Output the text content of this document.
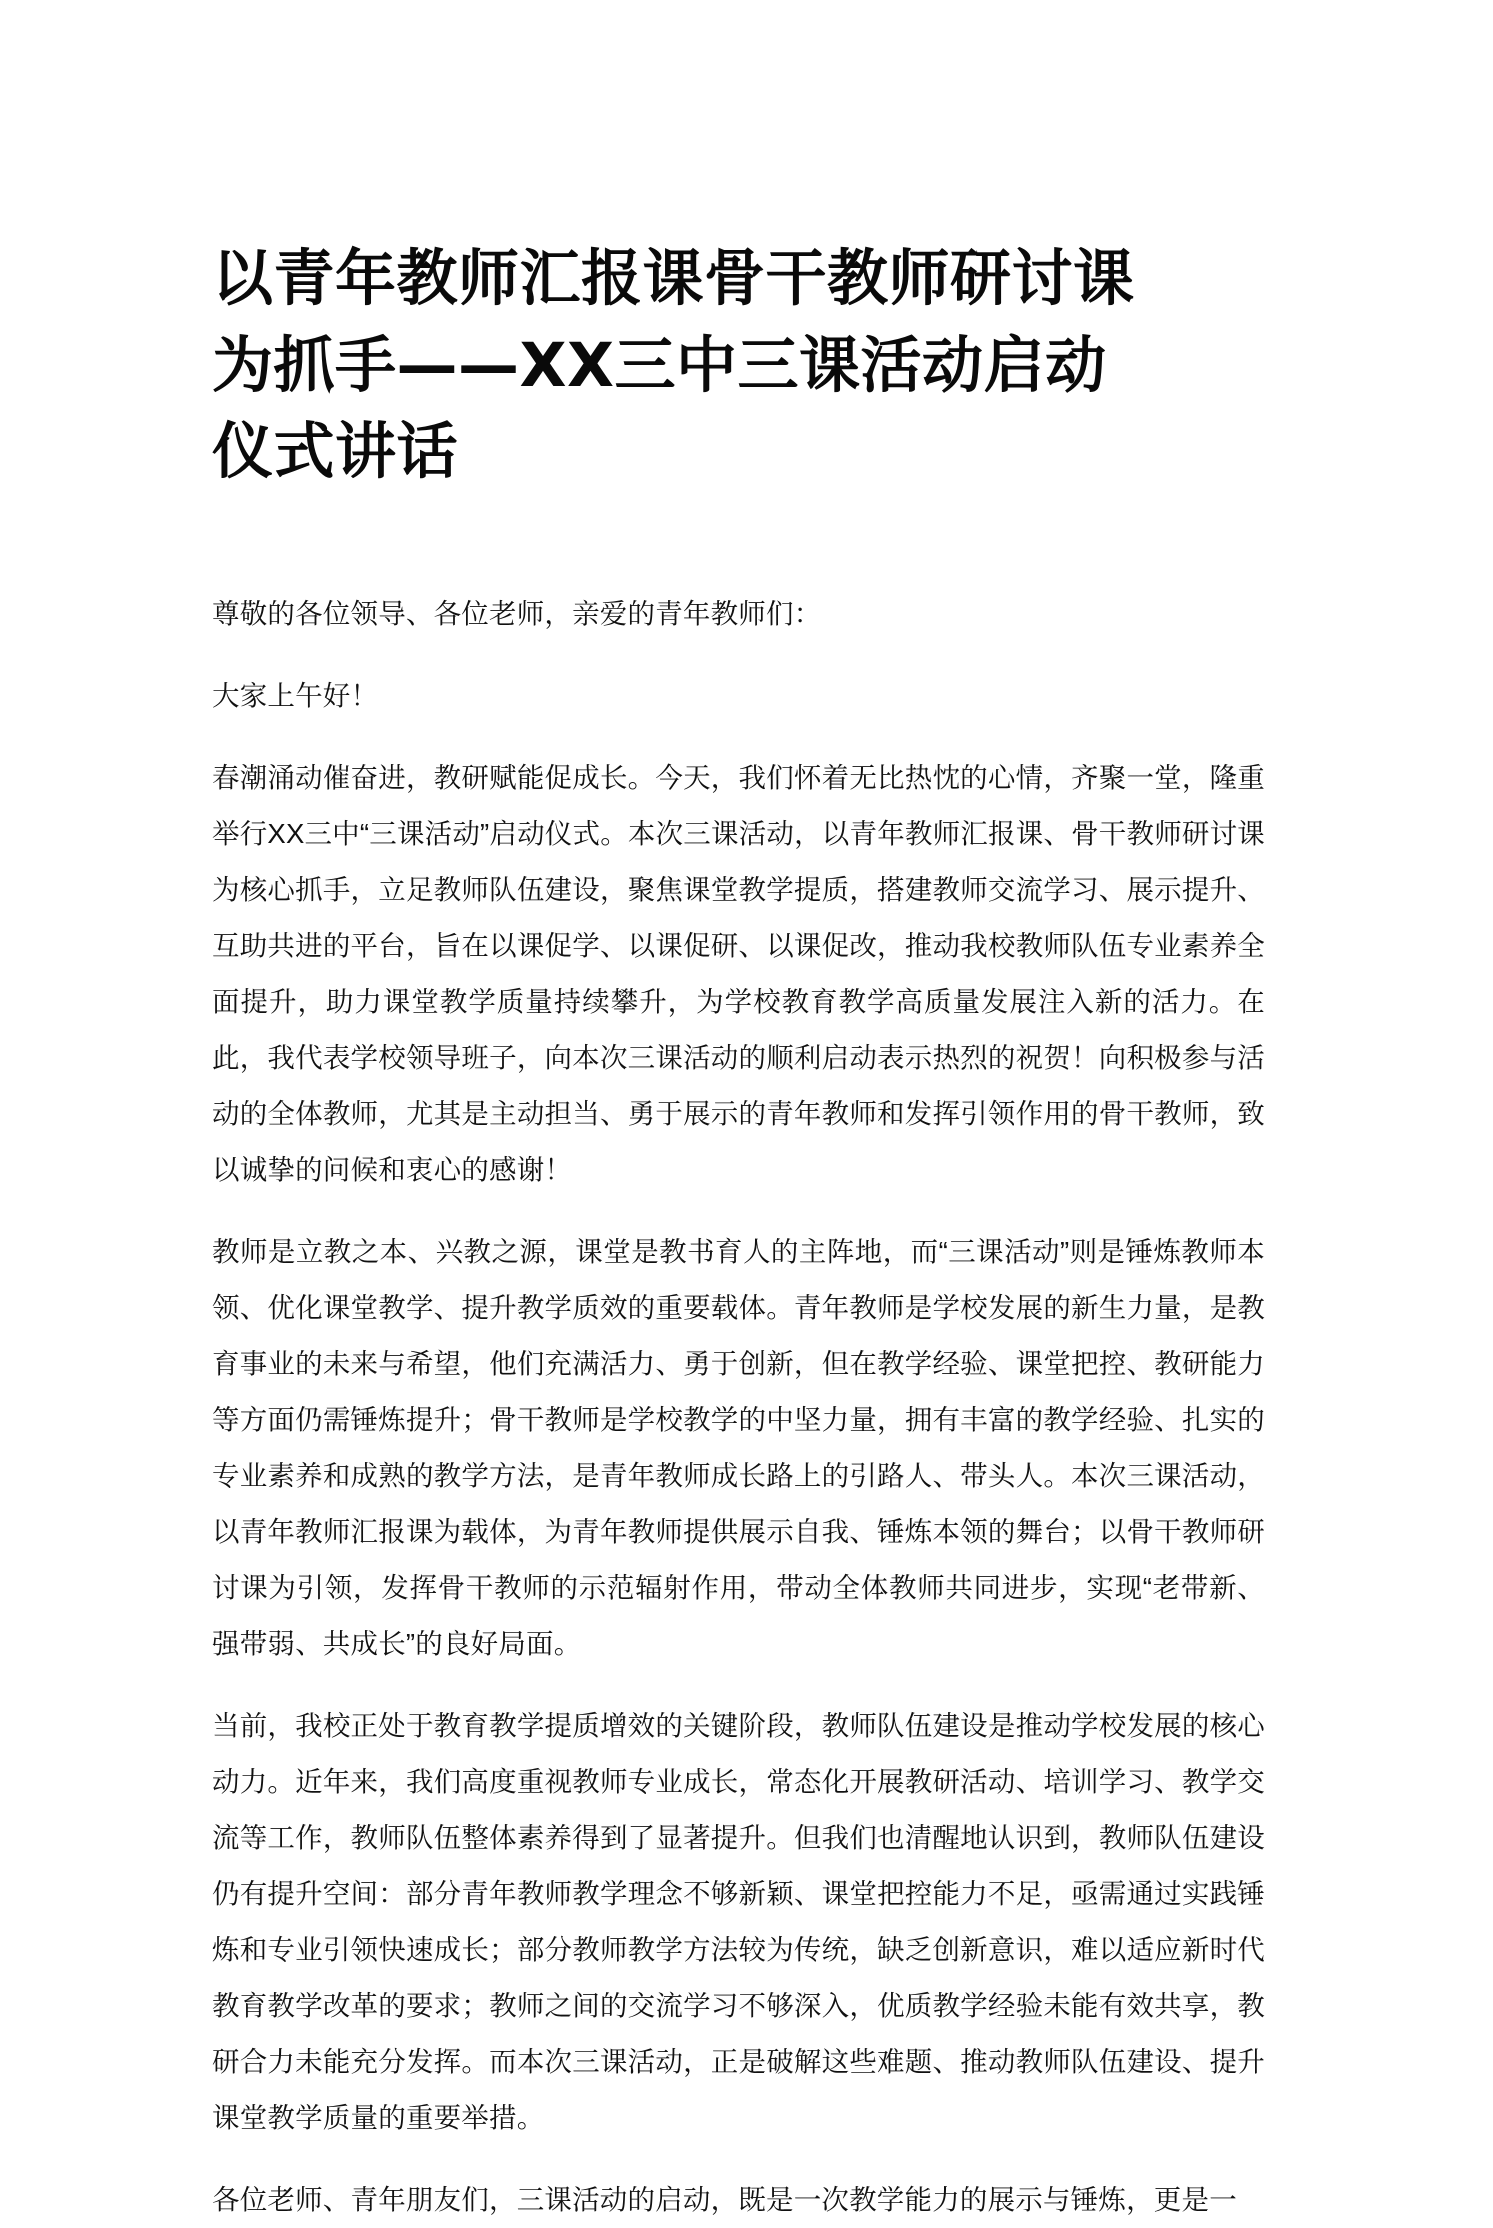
以青年教师汇报课骨干教师研讨课
为抓手——XX三中三课活动启动
仪式讲话

尊敬的各位领导、各位老师，亲爱的青年教师们：

大家上午好！

春潮涌动催奋进，教研赋能促成长。今天，我们怀着无比热忱的心情，齐聚一堂，隆重举行XX三中“三课活动”启动仪式。本次三课活动，以青年教师汇报课、骨干教师研讨课为核心抓手，立足教师队伍建设，聚焦课堂教学提质，搭建教师交流学习、展示提升、互助共进的平台，旨在以课促学、以课促研、以课促改，推动我校教师队伍专业素养全面提升，助力课堂教学质量持续攀升，为学校教育教学高质量发展注入新的活力。在此，我代表学校领导班子，向本次三课活动的顺利启动表示热烈的祝贺！向积极参与活动的全体教师，尤其是主动担当、勇于展示的青年教师和发挥引领作用的骨干教师，致以诚挚的问候和衷心的感谢！

教师是立教之本、兴教之源，课堂是教书育人的主阵地，而“三课活动”则是锤炼教师本领、优化课堂教学、提升教学质效的重要载体。青年教师是学校发展的新生力量，是教育事业的未来与希望，他们充满活力、勇于创新，但在教学经验、课堂把控、教研能力等方面仍需锤炼提升；骨干教师是学校教学的中坚力量，拥有丰富的教学经验、扎实的专业素养和成熟的教学方法，是青年教师成长路上的引路人、带头人。本次三课活动，以青年教师汇报课为载体，为青年教师提供展示自我、锤炼本领的舞台；以骨干教师研讨课为引领，发挥骨干教师的示范辐射作用，带动全体教师共同进步，实现“老带新、强带弱、共成长”的良好局面。

当前，我校正处于教育教学提质增效的关键阶段，教师队伍建设是推动学校发展的核心动力。近年来，我们高度重视教师专业成长，常态化开展教研活动、培训学习、教学交流等工作，教师队伍整体素养得到了显著提升。但我们也清醒地认识到，教师队伍建设仍有提升空间：部分青年教师教学理念不够新颖、课堂把控能力不足，亟需通过实践锤炼和专业引领快速成长；部分教师教学方法较为传统，缺乏创新意识，难以适应新时代教育教学改革的要求；教师之间的交流学习不够深入，优质教学经验未能有效共享，教研合力未能充分发挥。而本次三课活动，正是破解这些难题、推动教师队伍建设、提升课堂教学质量的重要举措。

各位老师、青年朋友们，三课活动的启动，既是一次教学能力的展示与锤炼，更是一
